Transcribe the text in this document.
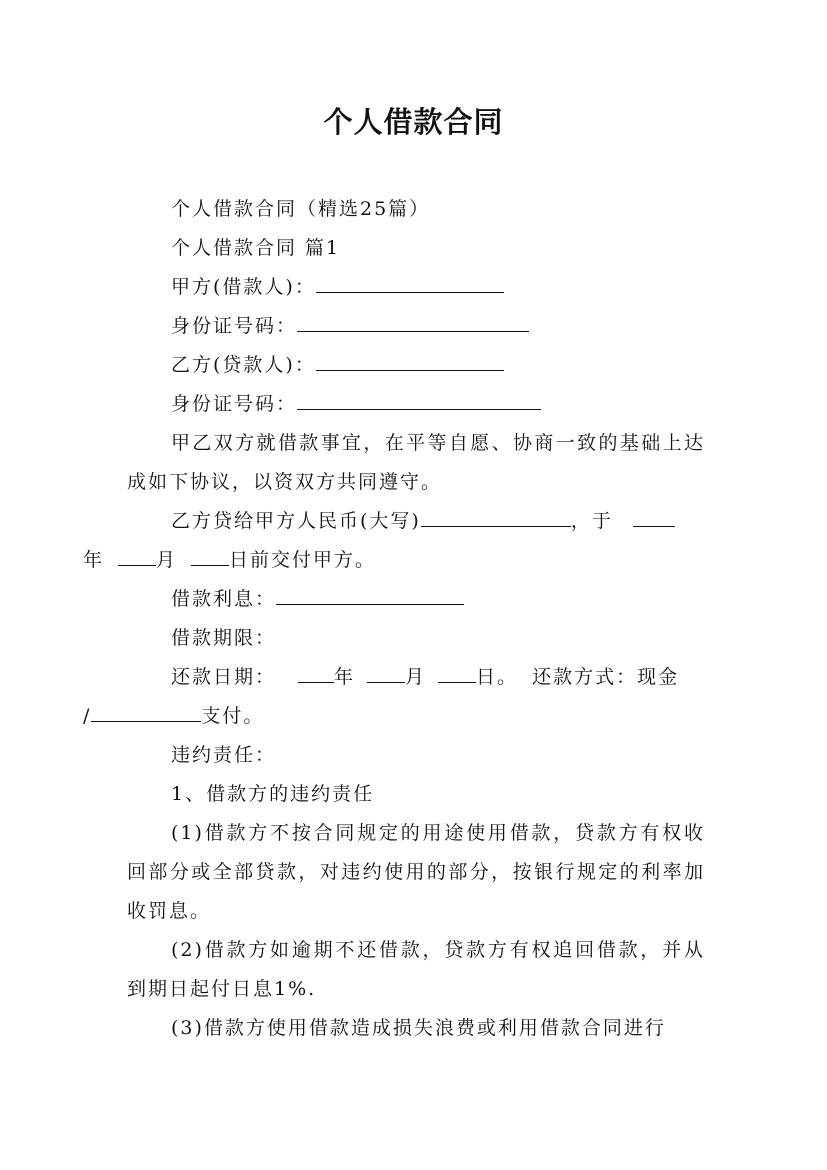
个人借款合同

个人借款合同（精选25篇）

个人借款合同 篇1

甲方(借款人)：

身份证号码：

乙方(贷款人)：

身份证号码：

甲乙双方就借款事宜，在平等自愿、协商一致的基础上达成如下协议，以资双方共同遵守。

乙方贷给甲方人民币(大写)	，于
年	月	日前交付甲方。

借款利息：

借款期限：

还款日期：	年	月	日。 还款方式：现金
/	支付。

违约责任：

1、借款方的违约责任

(1)借款方不按合同规定的用途使用借款，贷款方有权收回部分或全部贷款，对违约使用的部分，按银行规定的利率加收罚息。

(2)借款方如逾期不还借款，贷款方有权追回借款，并从到期日起付日息1%.

(3)借款方使用借款造成损失浪费或利用借款合同进行
